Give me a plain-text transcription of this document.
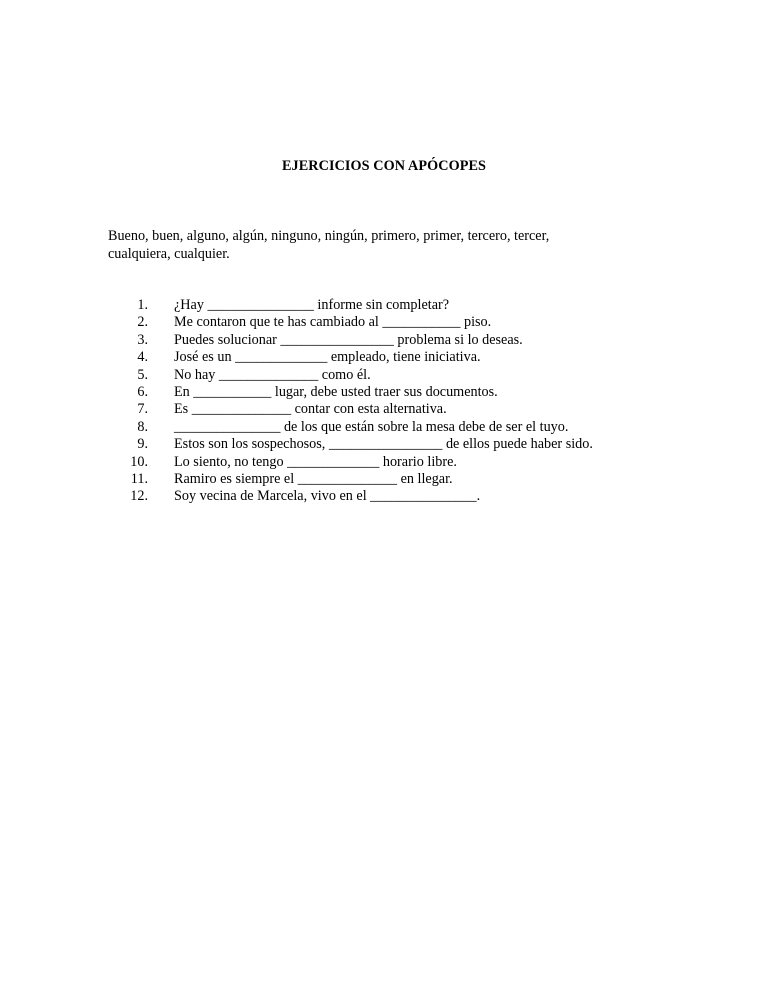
EJERCICIOS CON APÓCOPES
Bueno, buen, alguno, algún, ninguno, ningún, primero, primer, tercero, tercer, cualquiera, cualquier.
1. ¿Hay _______________ informe sin completar?
2. Me contaron que te has cambiado al ___________ piso.
3. Puedes solucionar ________________ problema si lo deseas.
4. José es un _____________ empleado, tiene iniciativa.
5. No hay ______________ como él.
6. En ___________ lugar, debe usted traer sus documentos.
7. Es ______________ contar con esta alternativa.
8. _______________ de los que están sobre la mesa debe de ser el tuyo.
9. Estos son los sospechosos, ________________ de ellos puede haber sido.
10. Lo siento, no tengo _____________ horario libre.
11. Ramiro es siempre el ______________ en llegar.
12. Soy vecina de Marcela, vivo en el _______________.
